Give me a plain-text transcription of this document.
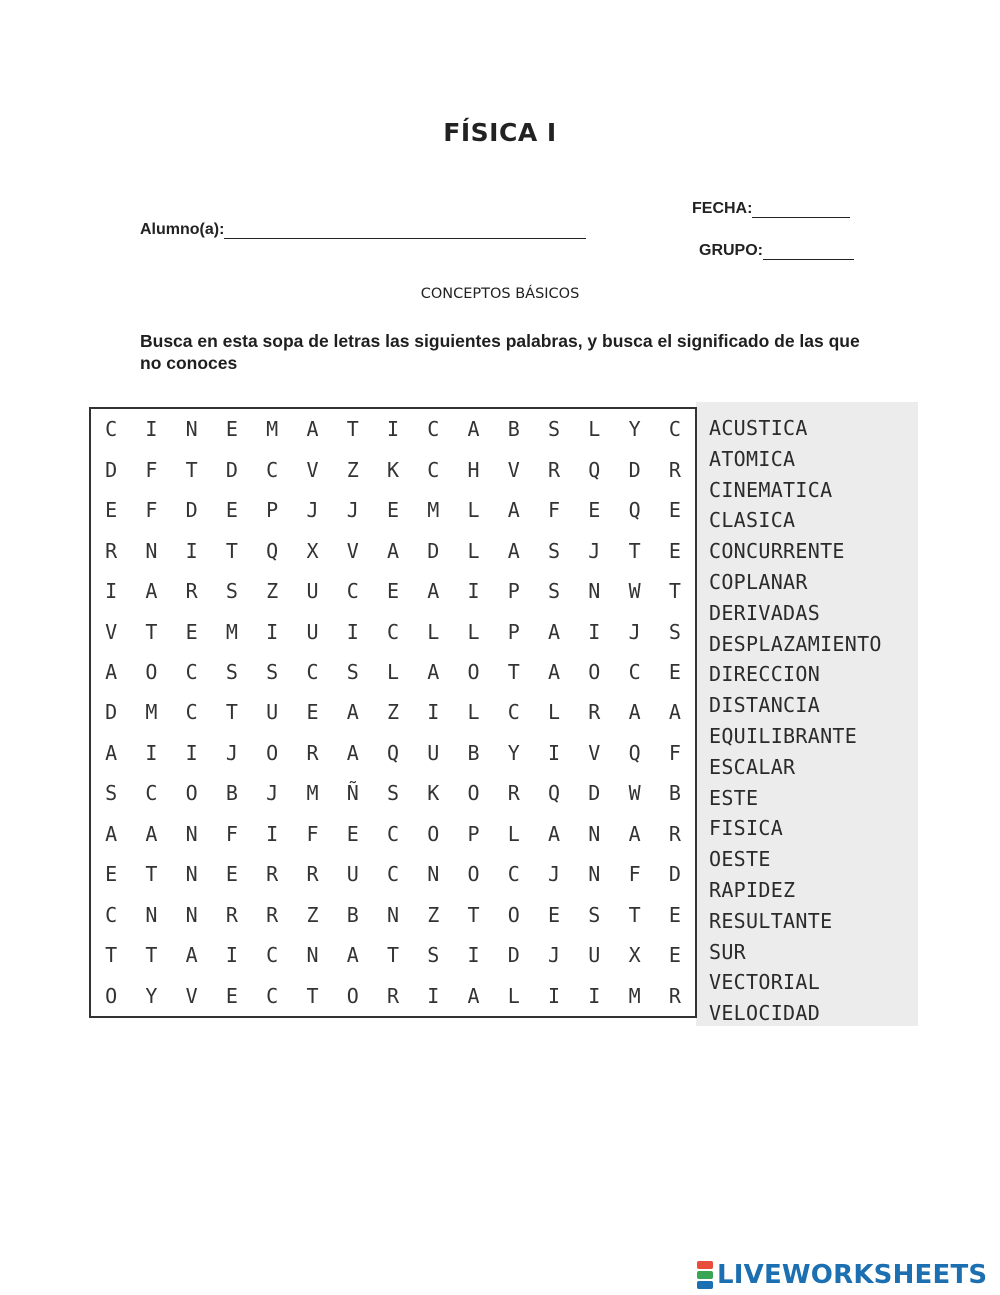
FÍSICA I
FECHA:
GRUPO:
Alumno(a):
CONCEPTOS BÁSICOS
Busca en esta sopa de letras las siguientes palabras, y busca el significado de las que no conoces
C	I	N	E	M	A	T	I	C	A	B	S	L	Y	C
D	F	T	D	C	V	Z	K	C	H	V	R	Q	D	R
E	F	D	E	P	J	J	E	M	L	A	F	E	Q	E
R	N	I	T	Q	X	V	A	D	L	A	S	J	T	E
I	A	R	S	Z	U	C	E	A	I	P	S	N	W	T
V	T	E	M	I	U	I	C	L	L	P	A	I	J	S
A	O	C	S	S	C	S	L	A	O	T	A	O	C	E
D	M	C	T	U	E	A	Z	I	L	C	L	R	A	A
A	I	I	J	O	R	A	Q	U	B	Y	I	V	Q	F
S	C	O	B	J	M	Ñ	S	K	O	R	Q	D	W	B
A	A	N	F	I	F	E	C	O	P	L	A	N	A	R
E	T	N	E	R	R	U	C	N	O	C	J	N	F	D
C	N	N	R	R	Z	B	N	Z	T	O	E	S	T	E
T	T	A	I	C	N	A	T	S	I	D	J	U	X	E
O	Y	V	E	C	T	O	R	I	A	L	I	I	M	R
ACUSTICA
ATOMICA
CINEMATICA
CLASICA
CONCURRENTE
COPLANAR
DERIVADAS
DESPLAZAMIENTO
DIRECCION
DISTANCIA
EQUILIBRANTE
ESCALAR
ESTE
FISICA
OESTE
RAPIDEZ
RESULTANTE
SUR
VECTORIAL
VELOCIDAD
LIVEWORKSHEETS
